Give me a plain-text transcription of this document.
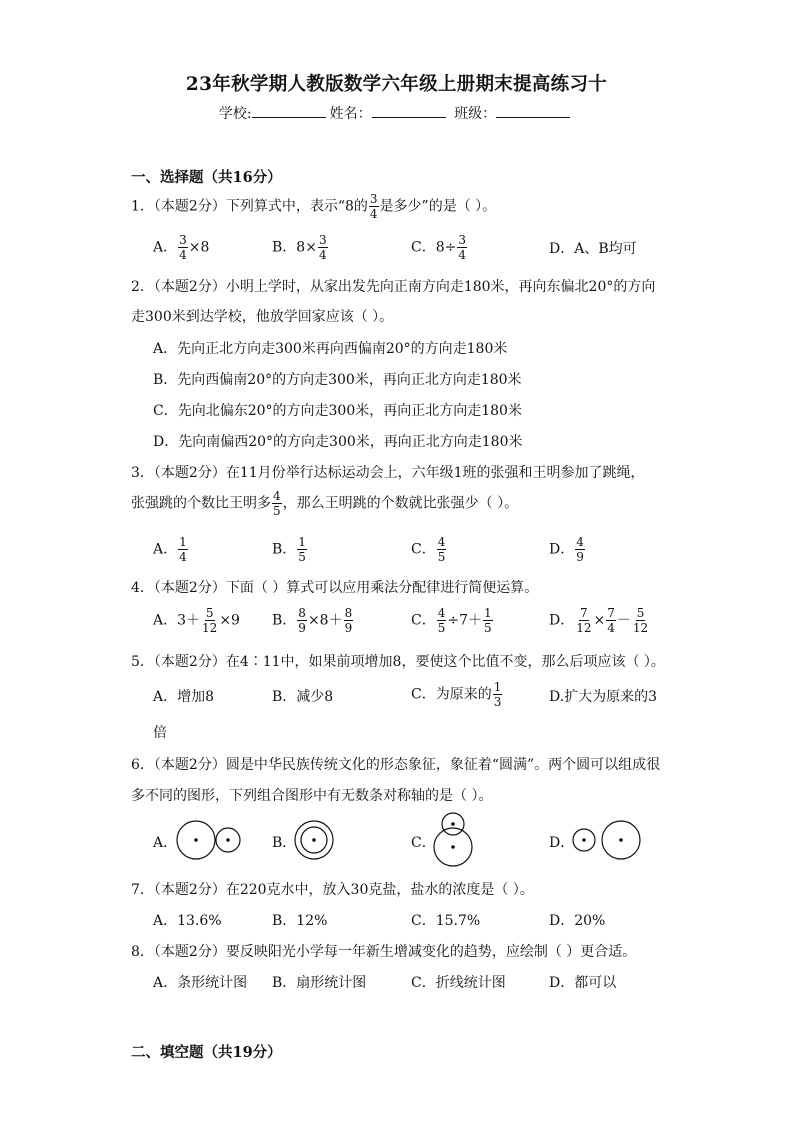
23年秋学期人教版数学六年级上册期末提高练习十
学校:	姓名：	班级：
一、选择题（共16分）
1．（本题2分）下列算式中，表示“8的 $\frac{3}{4}$ 是多少”的是（ ）。
A． $\frac{3}{4} \times 8$	B．$8\times \frac{3}{4}$	C．$8\div \frac{3}{4}$	D．A、B均可
2．（本题2分）小明上学时，从家出发先向正南方向走180米，再向东偏北20°的方向
走300米到达学校，他放学回家应该（ ）。
A．先向正北方向走300米再向西偏南20°的方向走180米
B．先向西偏南20°的方向走300米，再向正北方向走180米
C．先向北偏东20°的方向走300米，再向正北方向走180米
D．先向南偏西20°的方向走300米，再向正北方向走180米
3．（本题2分）在11月份举行达标运动会上，六年级1班的张强和王明参加了跳绳，
张强跳的个数比王明多 $\frac{4}{5}$ ，那么王明跳的个数就比张强少（ ）。
A． $\frac{1}{4}$	B． $\frac{1}{5}$	C． $\frac{4}{5}$	D． $\frac{4}{9}$
4．（本题2分）下面（ ）算式可以应用乘法分配律进行简便运算。
A．$3+ \frac{5}{12} \times 9$ B． $\frac{8}{9} \times 8+ \frac{8}{9}$	C． $\frac{4}{5} \div 7+ \frac{1}{5}$	D． $\frac{7}{12} \times \frac{7}{4} - \frac{5}{12}$
5．（本题2分）在4∶11中，如果前项增加8，要使这个比值不变，那么后项应该（ ）。
A．增加8	B．减少8	C．为原来的 $\frac{1}{3}$	D.扩大为原来的3
倍
6．（本题2分）圆是中华民族传统文化的形态象征，象征着“圆满”。两个圆可以组成很
多不同的图形，下列组合图形中有无数条对称轴的是（ ）。
A．	B．	C．	D．
7．（本题2分）在220克水中，放入30克盐，盐水的浓度是（ ）。
A．13.6%	B．12%	C．15.7%	D．20%
8．（本题2分）要反映阳光小学每一年新生增减变化的趋势，应绘制（ ）更合适。
A．条形统计图 B．扇形统计图	C．折线统计图	D．都可以
二、填空题（共19分）
